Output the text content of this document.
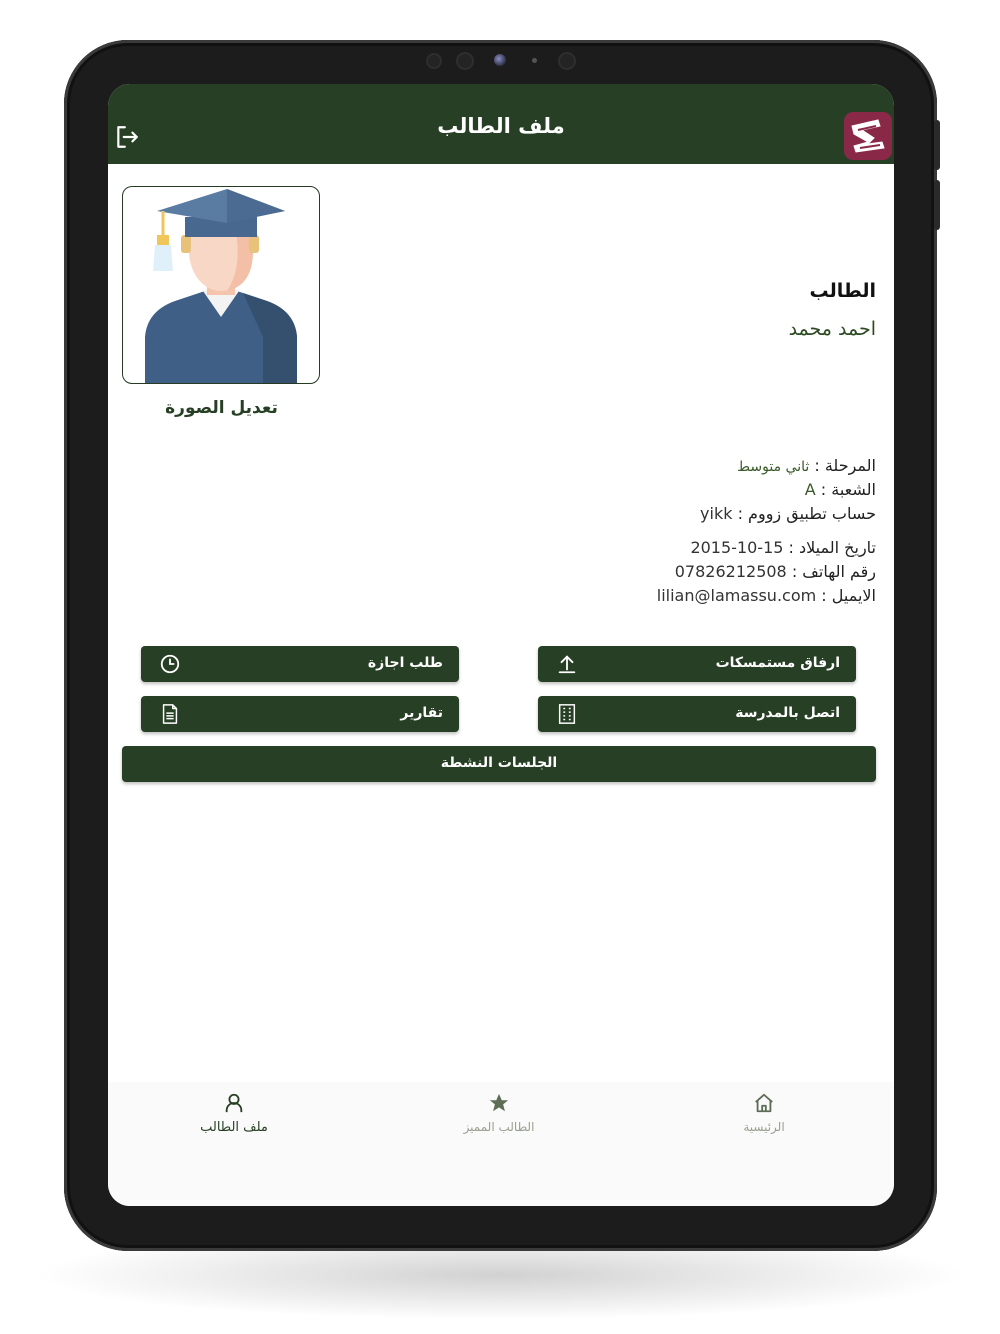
ملف الطالب
تعديل الصورة
الطالب
احمد محمد
المرحلة : ثاني متوسط
الشعبة : A
حساب تطبيق زووم : yikk
تاريخ الميلاد : 15-10-2015
رقم الهاتف : 07826212508
الايميل : lilian@lamassu.com
ارفاق مستمسكات
طلب اجازة
اتصل بالمدرسة
تقارير
الجلسات النشطة
ملف الطالب	الطالب المميز	الرئيسية
